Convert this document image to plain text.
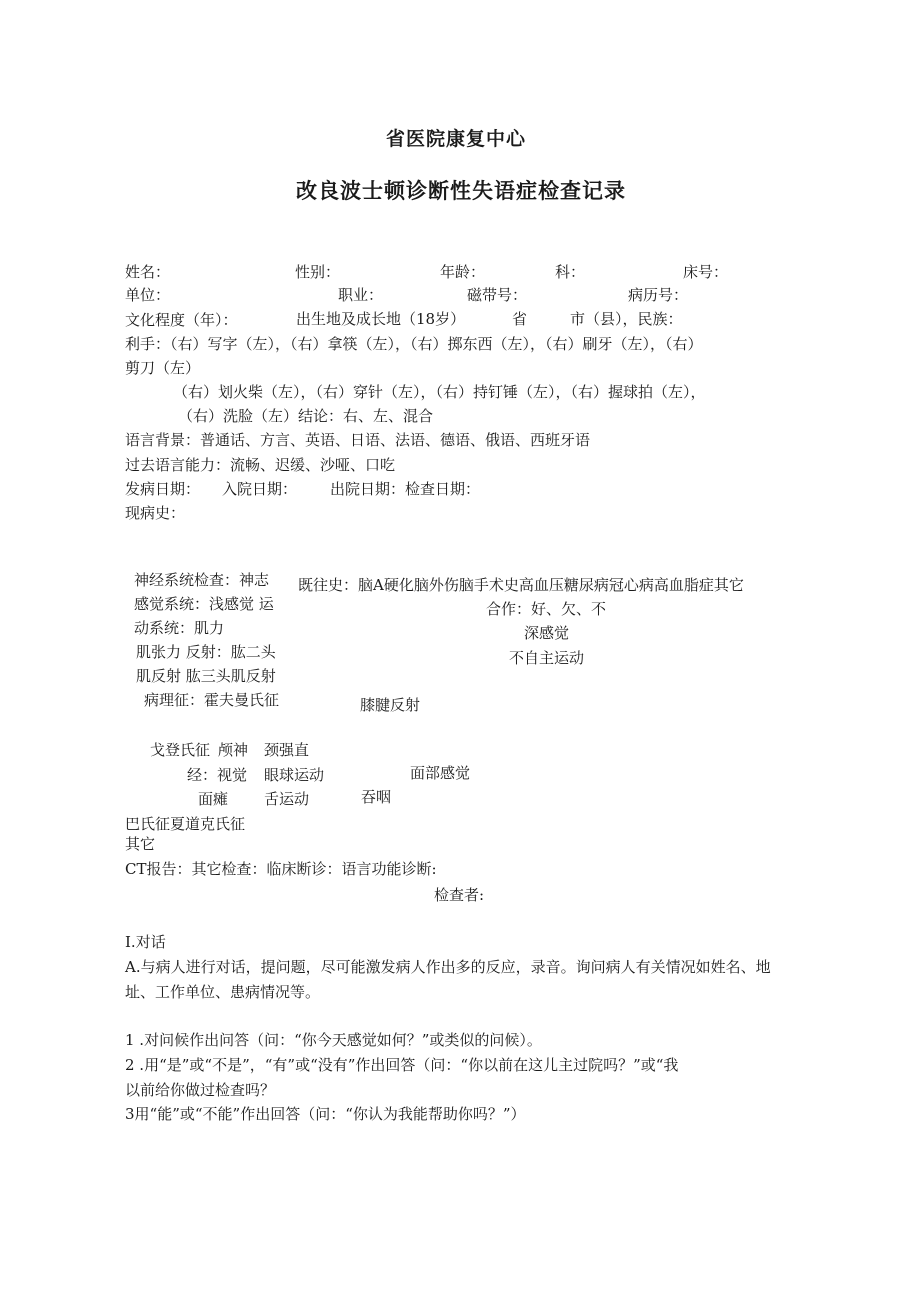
省医院康复中心
改良波士顿诊断性失语症检查记录
姓名：	性别：	年龄：	科：	床号：
单位：	职业：	磁带号：	病历号：
文化程度（年）：	出生地及成长地（18岁）	省	市（县），民族：
利手：（右）写字（左），（右）拿筷（左），（右）掷东西（左），（右）刷牙（左），（右）
剪刀（左）
（右）划火柴（左），（右）穿针（左），（右）持钉锤（左），（右）握球拍（左），
（右）洗脸（左）结论：右、左、混合
语言背景：普通话、方言、英语、日语、法语、德语、俄语、西班牙语
过去语言能力：流畅、迟缓、沙哑、口吃
发病日期： 入院日期： 出院日期：检查日期：
现病史：
神经系统检查：神志
感觉系统：浅感觉 运
动系统：肌力
肌张力 反射：肱二头
肌反射 肱三头肌反射
病理征：霍夫曼氏征
既往史：脑A硬化脑外伤脑手术史高血压糖尿病冠心病高血脂症其它
合作：好、欠、不
深感觉
不自主运动
膝腱反射
戈登氏征 颅神 颈强直
经：视觉 眼球运动	面部感觉
面瘫 舌运动	吞咽
巴氏征夏道克氏征
其它
CT报告：其它检查：临床断诊：语言功能诊断:
检查者:
I.对话
A.与病人进行对话，提问题，尽可能激发病人作出多的反应，录音。询问病人有关情况如姓名、地
址、工作单位、患病情况等。
1 .对问候作出问答（问：“你今天感觉如何？”或类似的问候）。
2 .用“是”或“不是”，“有”或“没有”作出回答（问：“你以前在这儿主过院吗？”或“我
以前给你做过检查吗？
3用“能”或“不能”作出回答（问：“你认为我能帮助你吗？”）
